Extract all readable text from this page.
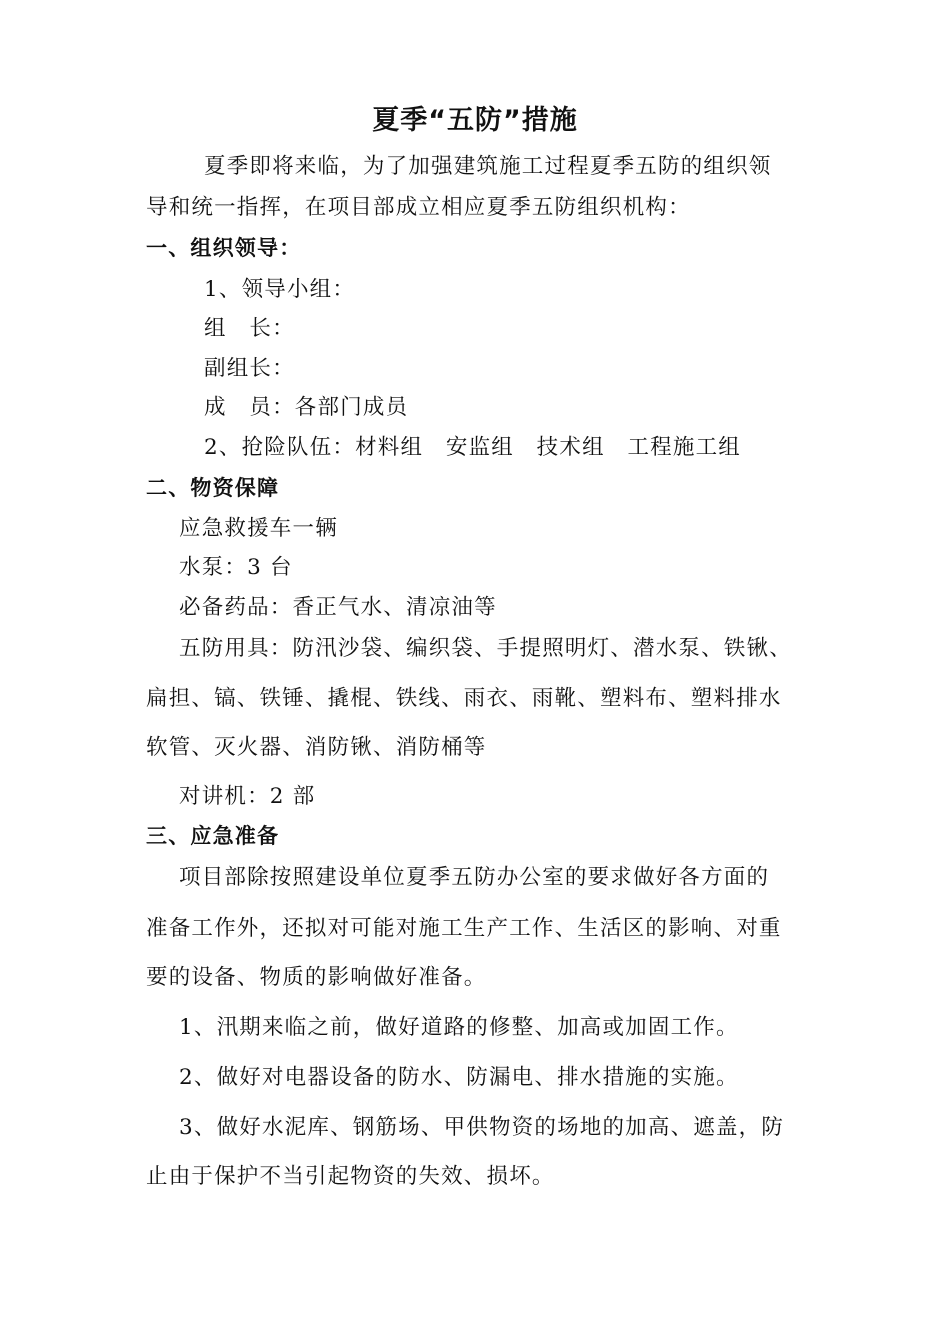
夏季“五防”措施
夏季即将来临，为了加强建筑施工过程夏季五防的组织领
导和统一指挥，在项目部成立相应夏季五防组织机构：
一、组织领导：
1、领导小组：
组　长：
副组长：
成　员：各部门成员
2、抢险队伍：材料组　安监组　技术组　工程施工组
二、物资保障
应急救援车一辆
水泵：3 台
必备药品：香正气水、清凉油等
五防用具：防汛沙袋、编织袋、手提照明灯、潜水泵、铁锹、
扁担、镐、铁锤、撬棍、铁线、雨衣、雨靴、塑料布、塑料排水
软管、灭火器、消防锹、消防桶等
对讲机：2 部
三、应急准备
项目部除按照建设单位夏季五防办公室的要求做好各方面的
准备工作外，还拟对可能对施工生产工作、生活区的影响、对重
要的设备、物质的影响做好准备。
1、汛期来临之前，做好道路的修整、加高或加固工作。
2、做好对电器设备的防水、防漏电、排水措施的实施。
3、做好水泥库、钢筋场、甲供物资的场地的加高、遮盖，防
止由于保护不当引起物资的失效、损坏。
